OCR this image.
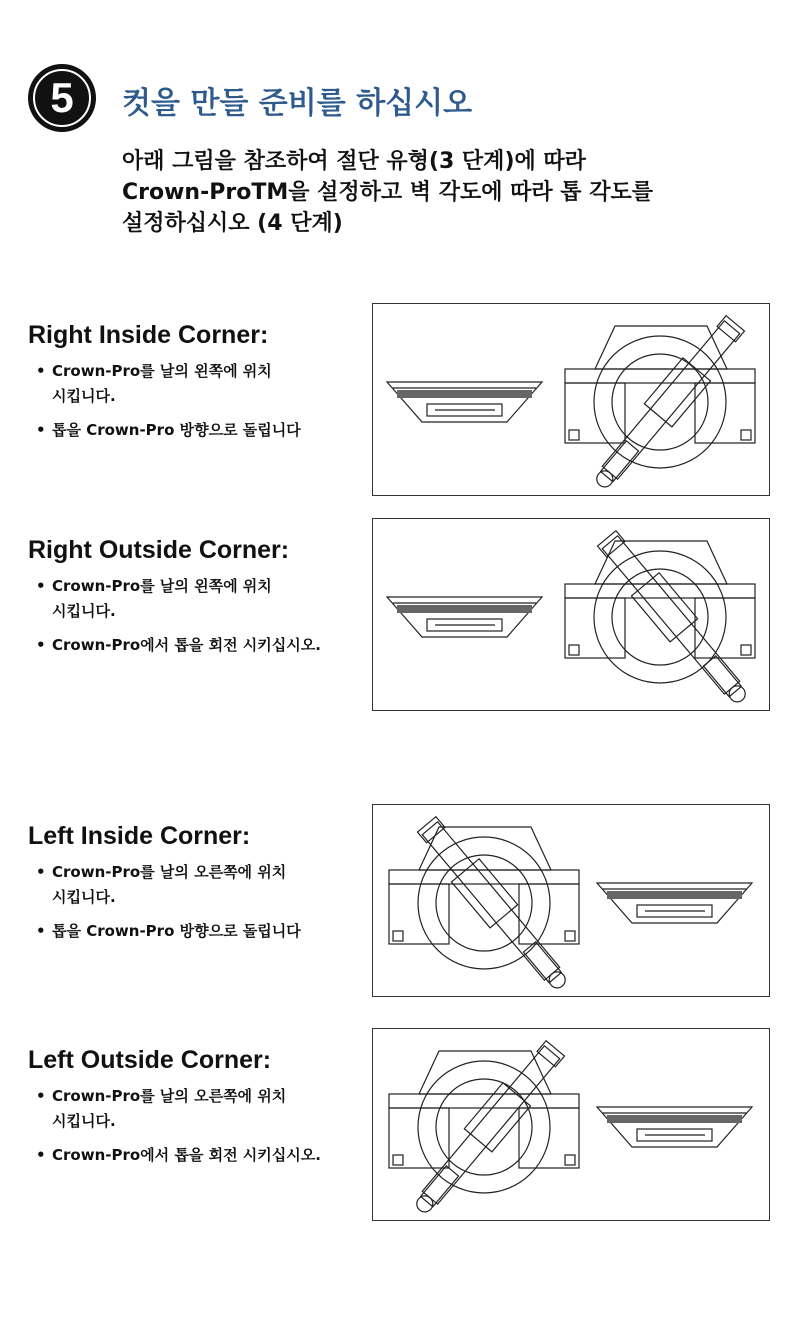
5	컷을 만들 준비를 하십시오

아래 그림을 참조하여 절단 유형(3 단계)에 따라
Crown-ProTM을 설정하고 벽 각도에 따라 톱 각도를
설정하십시오 (4 단계)

Right Inside Corner:
• Crown-Pro를 날의 왼쪽에 위치
시킵니다.
• 톱을 Crown-Pro 방향으로 돌립니다
Right Outside Corner:
• Crown-Pro를 날의 왼쪽에 위치
시킵니다.
• Crown-Pro에서 톱을 회전 시키십시오.
Left Inside Corner:
• Crown-Pro를 날의 오른쪽에 위치
시킵니다.
• 톱을 Crown-Pro 방향으로 돌립니다
Left Outside Corner:
• Crown-Pro를 날의 오른쪽에 위치
시킵니다.
• Crown-Pro에서 톱을 회전 시키십시오.
